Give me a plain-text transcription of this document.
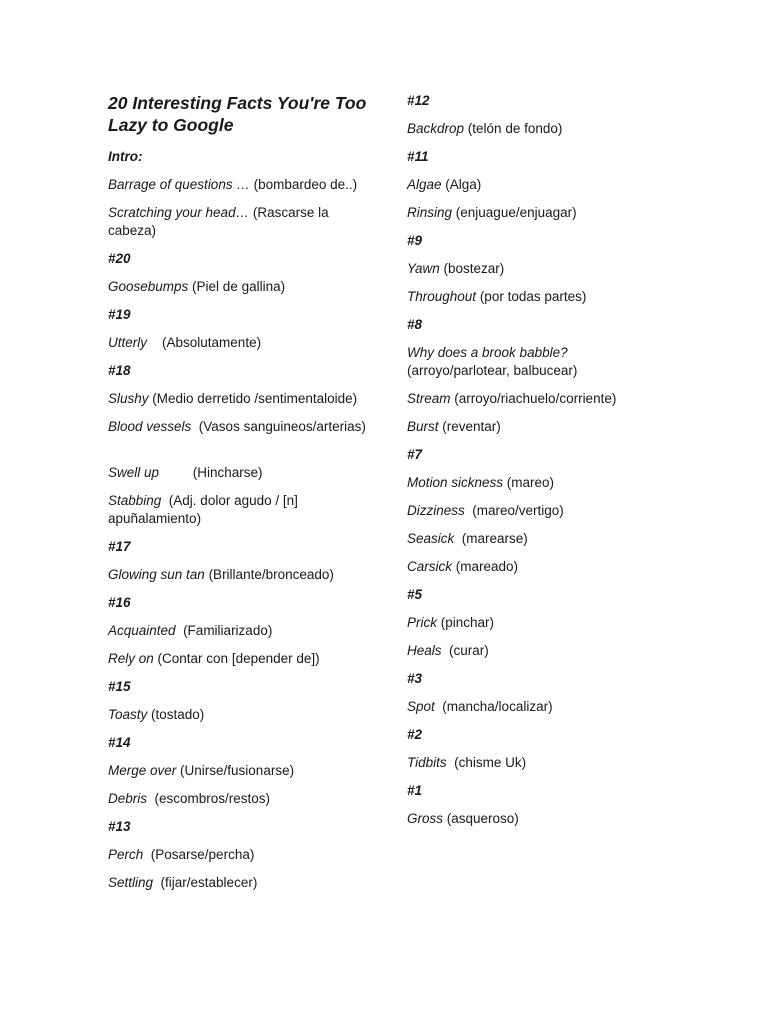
20 Interesting Facts You're Too Lazy to Google
Intro:
Barrage of questions … (bombardeo de..)
Scratching your head… (Rascarse la cabeza)
#20
Goosebumps (Piel de gallina)
#19
Utterly    (Absolutamente)
#18
Slushy (Medio derretido /sentimentaloide)
Blood vessels  (Vasos sanguineos/arterias)
Swell up         (Hincharse)
Stabbing  (Adj. dolor agudo / [n] apuñalamiento)
#17
Glowing sun tan (Brillante/bronceado)
#16
Acquainted  (Familiarizado)
Rely on (Contar con [depender de])
#15
Toasty (tostado)
#14
Merge over (Unirse/fusionarse)
Debris  (escombros/restos)
#13
Perch  (Posarse/percha)
Settling  (fijar/establecer)
#12
Backdrop (telón de fondo)
#11
Algae (Alga)
Rinsing (enjuague/enjuagar)
#9
Yawn (bostezar)
Throughout (por todas partes)
#8
Why does a brook babble? (arroyo/parlotear, balbucear)
Stream (arroyo/riachuelo/corriente)
Burst (reventar)
#7
Motion sickness (mareo)
Dizziness  (mareo/vertigo)
Seasick  (marearse)
Carsick (mareado)
#5
Prick (pinchar)
Heals  (curar)
#3
Spot  (mancha/localizar)
#2
Tidbits  (chisme Uk)
#1
Gross (asqueroso)
